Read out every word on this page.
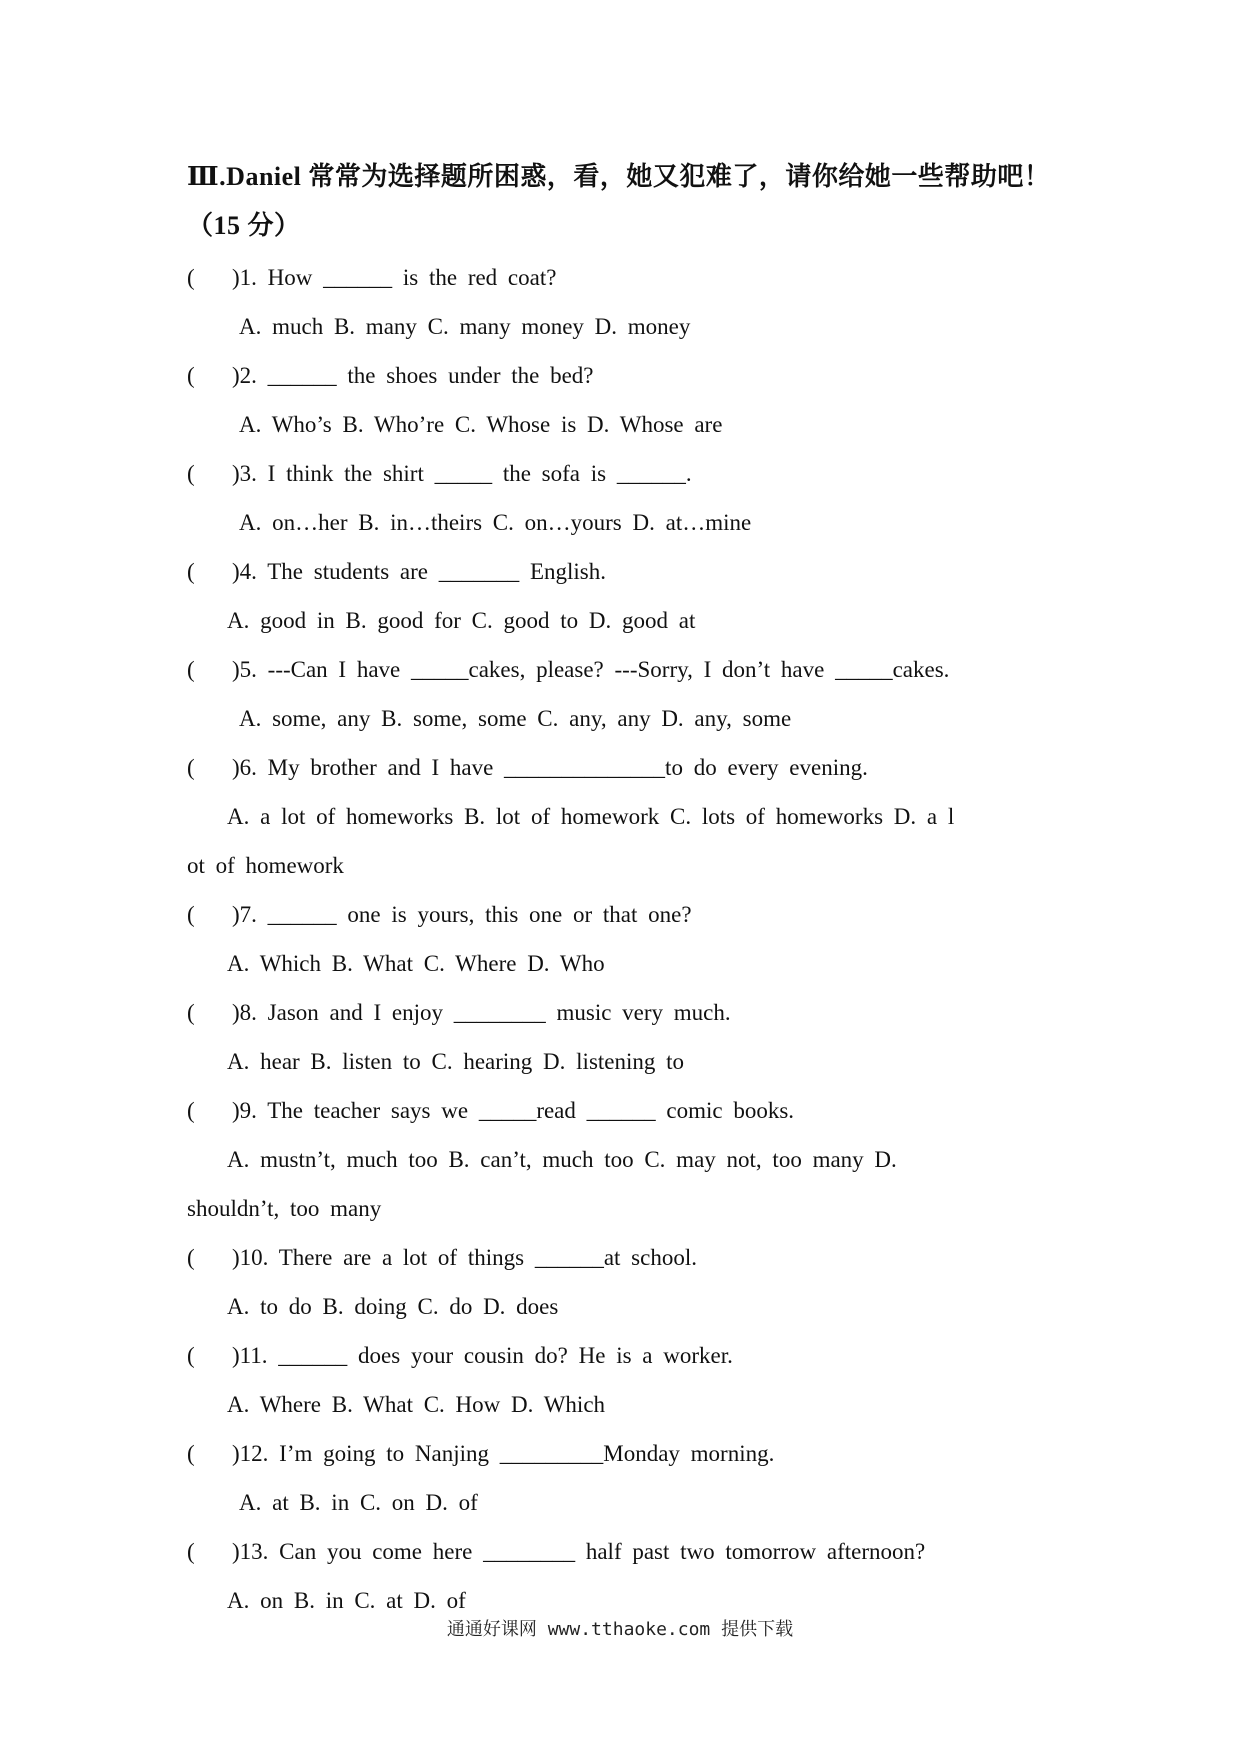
Ⅲ.Daniel 常常为选择题所困惑，看，她又犯难了，请你给她一些帮助吧！（15 分）
( )1. How ______ is the red coat?
A. much B. many C. many money D. money
( )2. ______ the shoes under the bed?
A. Who’s B. Who’re C. Whose is D. Whose are
( )3. I think the shirt _____ the sofa is ______.
A. on…her B. in…theirs C. on…yours D. at…mine
( )4. The students are _______ English.
A. good in B. good for C. good to D. good at
( )5. ---Can I have _____cakes, please? ---Sorry, I don’t have _____cakes.
A. some, any B. some, some C. any, any D. any, some
( )6. My brother and I have ______________to do every evening.
A. a lot of homeworks B. lot of homework C. lots of homeworks D. a l
ot of homework
( )7. ______ one is yours, this one or that one?
A. Which B. What C. Where D. Who
( )8. Jason and I enjoy ________ music very much.
A. hear B. listen to C. hearing D. listening to
( )9. The teacher says we _____read ______ comic books.
A. mustn’t, much too B. can’t, much too C. may not, too many D.
shouldn’t, too many
( )10. There are a lot of things ______at school.
A. to do B. doing C. do D. does
( )11. ______ does your cousin do? He is a worker.
A. Where B. What C. How D. Which
( )12. I’m going to Nanjing _________Monday morning.
A. at B. in C. on D. of
( )13. Can you come here ________ half past two tomorrow afternoon?
A. on B. in C. at D. of
通通好课网 www.tthaoke.com 提供下载
